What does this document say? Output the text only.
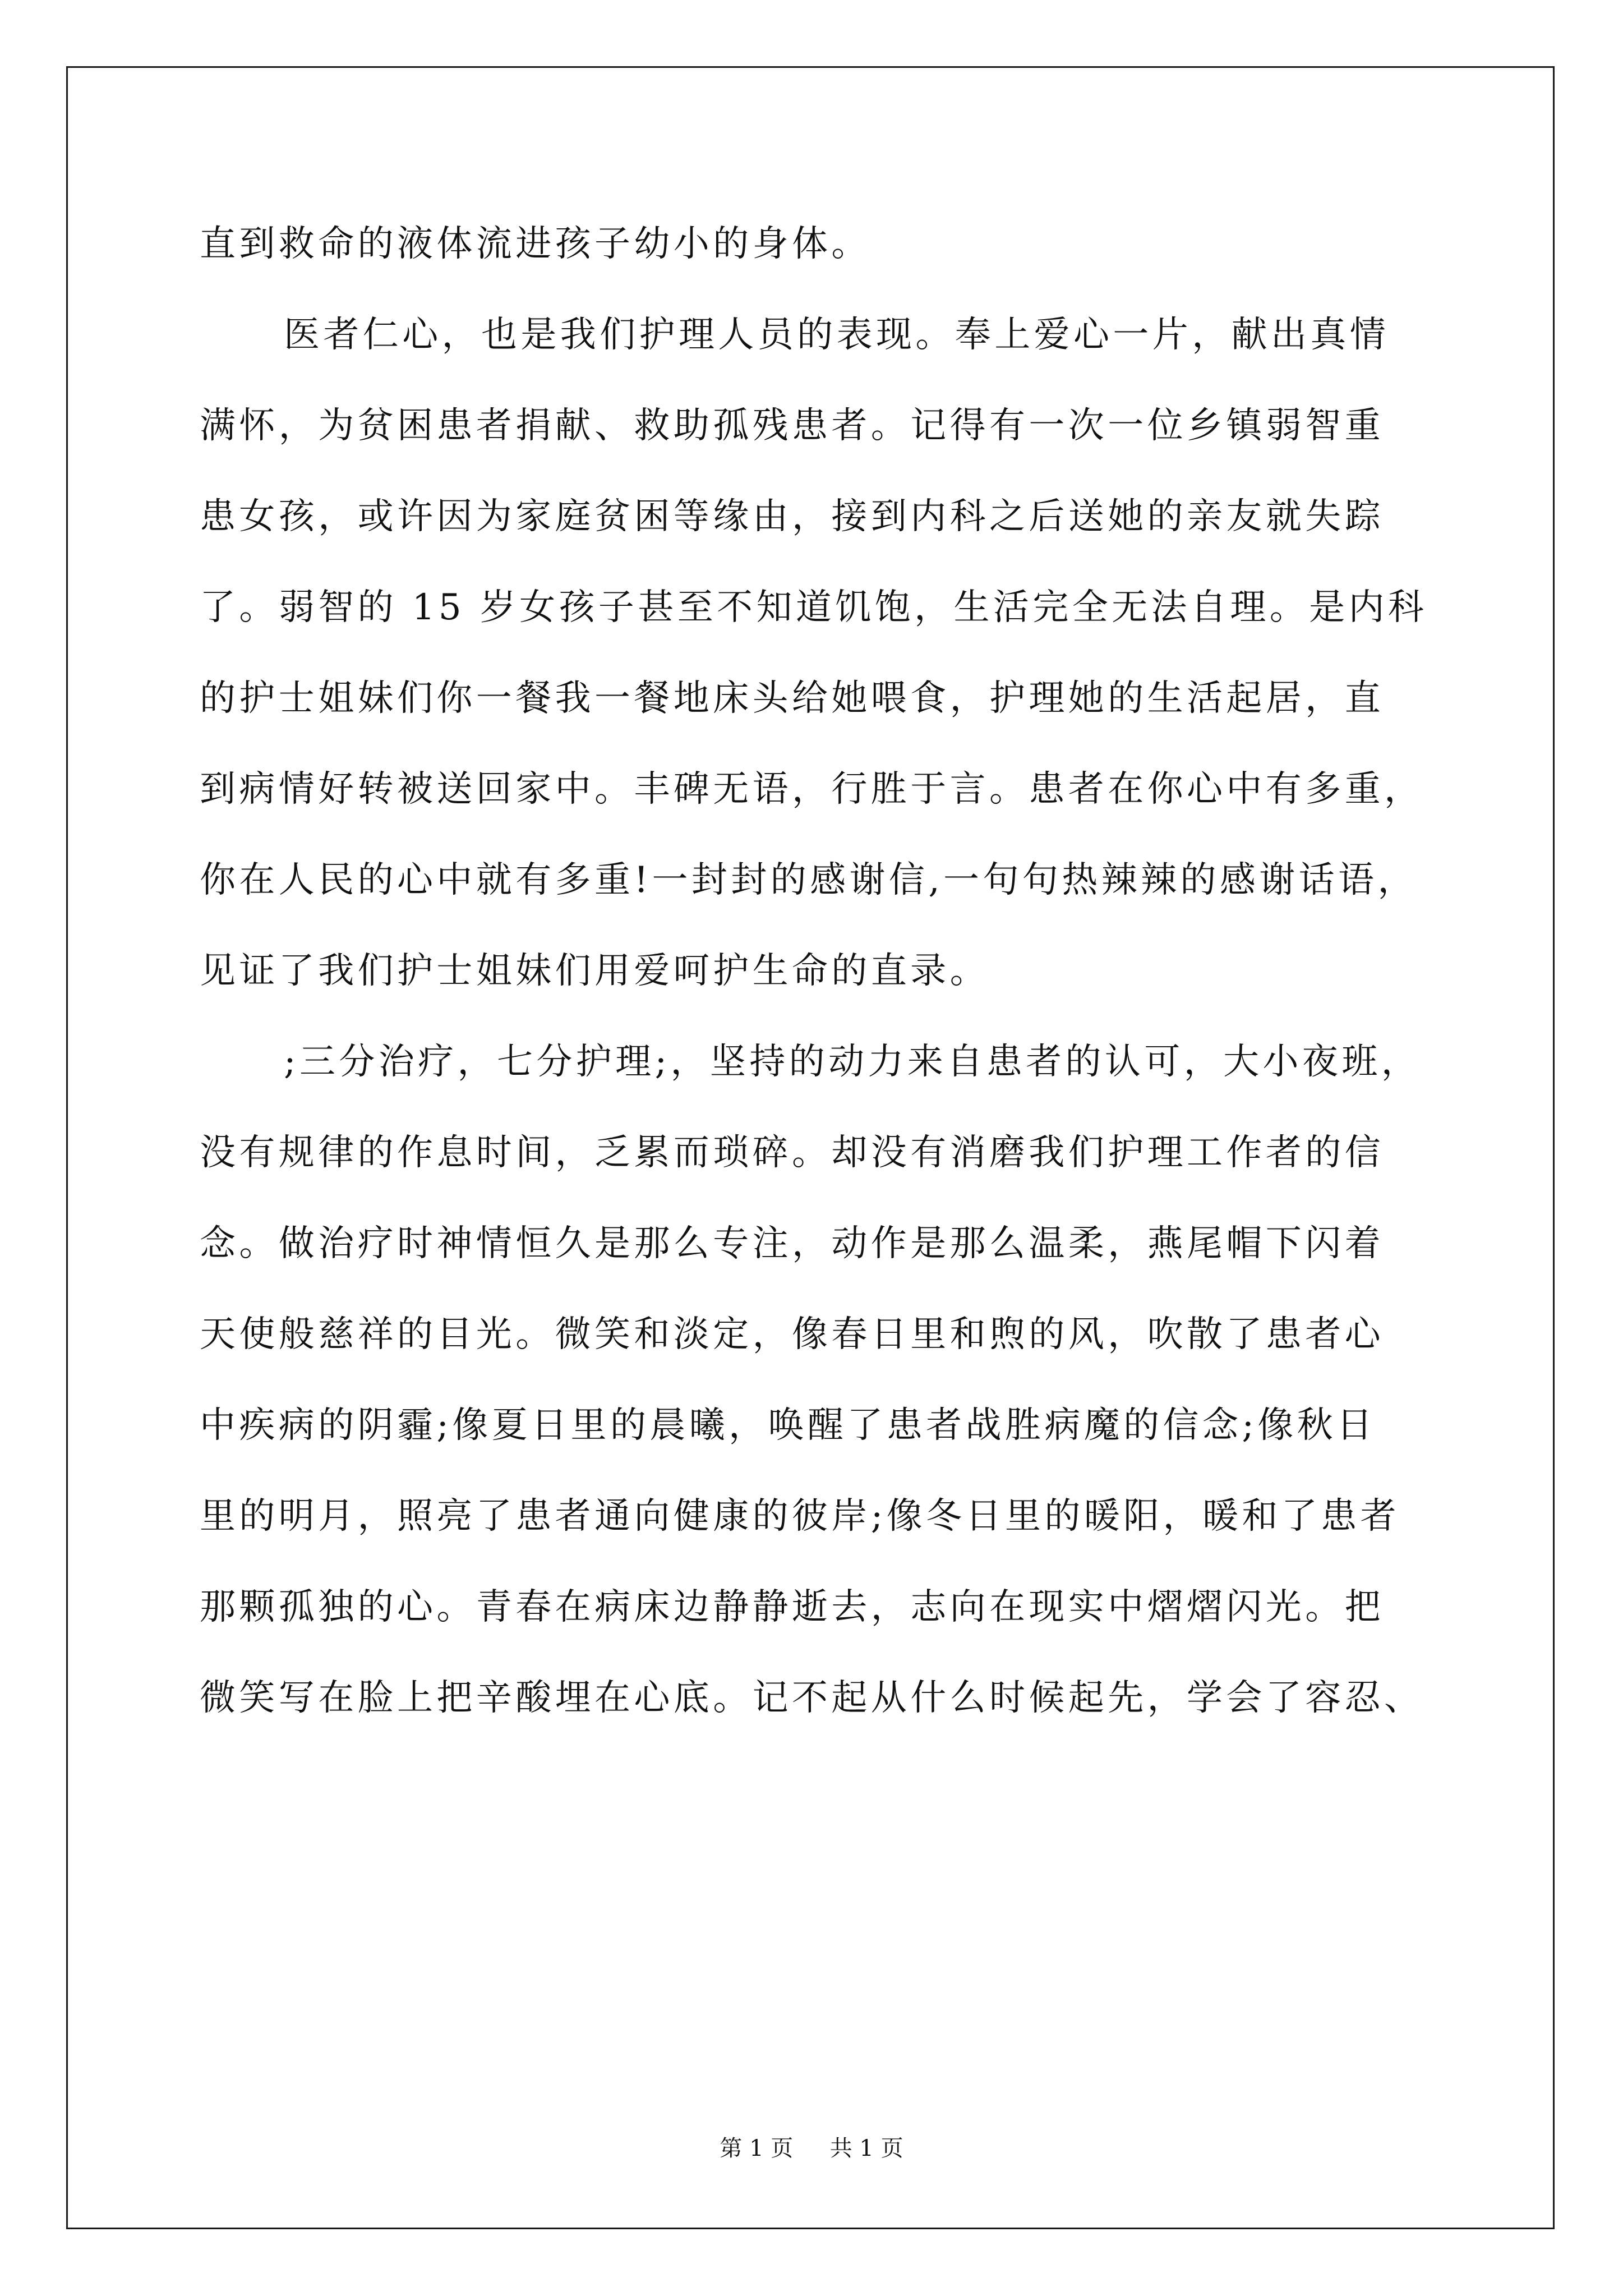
直到救命的液体流进孩子幼小的身体。
医者仁心，也是我们护理人员的表现。奉上爱心一片，献出真情
满怀，为贫困患者捐献、救助孤残患者。记得有一次一位乡镇弱智重
患女孩，或许因为家庭贫困等缘由，接到内科之后送她的亲友就失踪
了。弱智的 15 岁女孩子甚至不知道饥饱，生活完全无法自理。是内科
的护士姐妹们你一餐我一餐地床头给她喂食，护理她的生活起居，直
到病情好转被送回家中。丰碑无语，行胜于言。患者在你心中有多重，
你在人民的心中就有多重!一封封的感谢信,一句句热辣辣的感谢话语，
见证了我们护士姐妹们用爱呵护生命的直录。
;三分治疗，七分护理;，坚持的动力来自患者的认可，大小夜班，
没有规律的作息时间，乏累而琐碎。却没有消磨我们护理工作者的信
念。做治疗时神情恒久是那么专注，动作是那么温柔，燕尾帽下闪着
天使般慈祥的目光。微笑和淡定，像春日里和煦的风，吹散了患者心
中疾病的阴霾;像夏日里的晨曦，唤醒了患者战胜病魔的信念;像秋日
里的明月，照亮了患者通向健康的彼岸;像冬日里的暖阳，暖和了患者
那颗孤独的心。青春在病床边静静逝去，志向在现实中熠熠闪光。把
微笑写在脸上把辛酸埋在心底。记不起从什么时候起先，学会了容忍、
第 1 页 共 1 页
